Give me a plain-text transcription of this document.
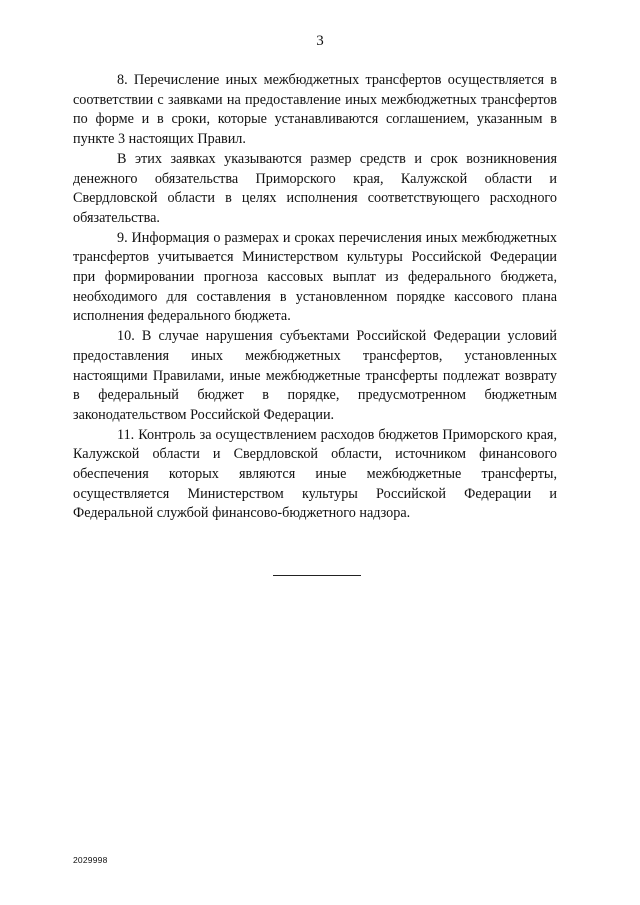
3

8. Перечисление иных межбюджетных трансфертов осуществляется в соответствии с заявками на предоставление иных межбюджетных трансфертов по форме и в сроки, которые устанавливаются соглашением, указанным в пункте 3 настоящих Правил.

В этих заявках указываются размер средств и срок возникновения денежного обязательства Приморского края, Калужской области и Свердловской области в целях исполнения соответствующего расходного обязательства.

9. Информация о размерах и сроках перечисления иных межбюджетных трансфертов учитывается Министерством культуры Российской Федерации при формировании прогноза кассовых выплат из федерального бюджета, необходимого для составления в установленном порядке кассового плана исполнения федерального бюджета.

10. В случае нарушения субъектами Российской Федерации условий предоставления иных межбюджетных трансфертов, установленных настоящими Правилами, иные межбюджетные трансферты подлежат возврату в федеральный бюджет в порядке, предусмотренном бюджетным законодательством Российской Федерации.

11. Контроль за осуществлением расходов бюджетов Приморского края, Калужской области и Свердловской области, источником финансового обеспечения которых являются иные межбюджетные трансферты, осуществляется Министерством культуры Российской Федерации и Федеральной службой финансово-бюджетного надзора.

2029998
